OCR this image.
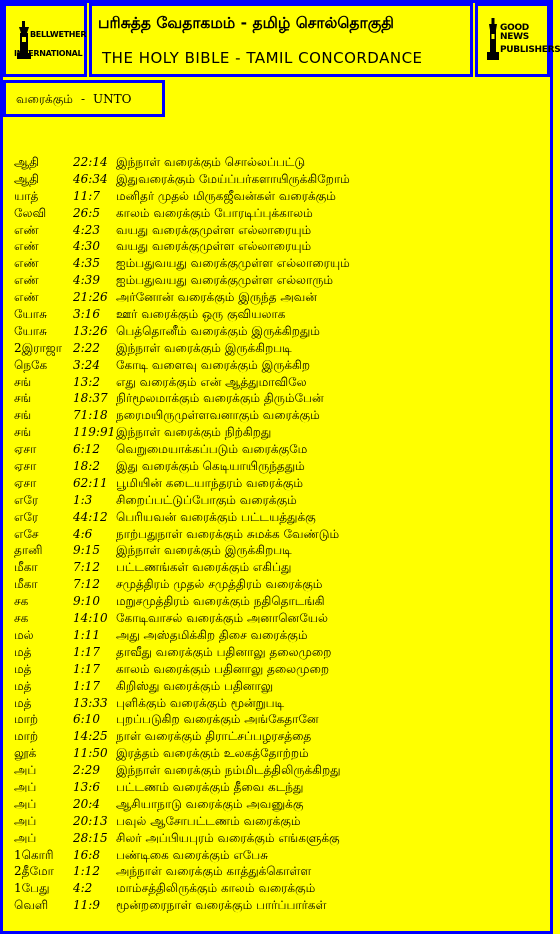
BELLWETHER
INTERNATIONAL
பரிசுத்த வேதாகமம் - தமிழ் சொல்தொகுதி
THE HOLY BIBLE - TAMIL CONCORDANCE
GOOD NEWS
PUBLISHERS
வரைக்கும் - UNTO
ஆதி	22:14 இந்நாள் வரைக்கும் சொல்லப்பட்டு
ஆதி	46:34 இதுவரைக்கும் மேய்ப்பர்களாயிருக்கிறோம்
யாத்	11:7 மனிதர் முதல் மிருகஜீவன்கள் வரைக்கும்
லேவி 26:5 காலம் வரைக்கும் போரடிப்புக்காலம்
எண்	4:23 வயது வரைக்குமுள்ள எல்லாரையும்
எண்	4:30 வயது வரைக்குமுள்ள எல்லாரையும்
எண்	4:35 ஐம்பதுவயது வரைக்குமுள்ள எல்லாரையும்
எண்	4:39 ஐம்பதுவயது வரைக்குமுள்ள எல்லாரும்
எண்	21:26 அர்னோன் வரைக்கும் இருந்த அவன்
யோசு 3:16 ஊர் வரைக்கும் ஒரு குவியலாக
யோசு 13:26 பெத்தொனீம் வரைக்கும் இருக்கிறதும்
2இராஜா 2:22 இந்நாள் வரைக்கும் இருக்கிறபடி
நெகே 3:24 கோடி வளைவு வரைக்கும் இருக்கிற
சங்	13:2 எது வரைக்கும் என் ஆத்துமாவிலே
சங்	18:37 நிர்மூலமாக்கும் வரைக்கும் திரும்பேன்
சங்	71:18 நரைமயிருமுள்ளவனாகும் வரைக்கும்
சங்	119:91 இந்நாள் வரைக்கும் நிற்கிறது
ஏசா	6:12 வெறுமையாக்கப்படும் வரைக்குமே
ஏசா	18:2 இது வரைக்கும் கெடியாயிருந்ததும்
ஏசா	62:11 பூமியின் கடையாந்தரம் வரைக்கும்
எரே	1:3 சிறைப்பட்டுப்போகும் வரைக்கும்
எரே	44:12 பெரியவன் வரைக்கும் பட்டயத்துக்கு
எசே	4:6 நாற்பதுநாள் வரைக்கும் சுமக்க வேண்டும்
தானி	9:15 இந்நாள் வரைக்கும் இருக்கிறபடி
மீகா	7:12 பட்டணங்கள் வரைக்கும் எகிப்து
மீகா	7:12 சமுத்திரம் முதல் சமுத்திரம் வரைக்கும்
சக	9:10 மறுசமுத்திரம் வரைக்கும் நதிதொடங்கி
சக	14:10 கோடிவாசல் வரைக்கும் அனானெயேல்
மல்	1:11 அது அஸ்தமிக்கிற திசை வரைக்கும்
மத்	1:17 தாவீது வரைக்கும் பதினாலு தலைமுறை
மத்	1:17 காலம் வரைக்கும் பதினாலு தலைமுறை
மத்	1:17 கிறிஸ்து வரைக்கும் பதினாலு
மத்	13:33 புளிக்கும் வரைக்கும் மூன்றுபடி
மாற்	6:10 புறப்படுகிற வரைக்கும் அங்கேதானே
மாற்	14:25 நாள் வரைக்கும் திராட்சப்பழரசத்தை
லூக்	11:50 இரத்தம் வரைக்கும் உலகத்தோற்றம்
அப்	2:29 இந்நாள் வரைக்கும் நம்மிடத்திலிருக்கிறது
அப்	13:6 பட்டணம் வரைக்கும் தீவை கடந்து
அப்	20:4 ஆசியாநாடு வரைக்கும் அவனுக்கு
அப்	20:13 பவுல் ஆசோபட்டணம் வரைக்கும்
அப்	28:15 சிலர் அப்பியபுரம் வரைக்கும் எங்களுக்கு
1கொரி 16:8 பண்டிகை வரைக்கும் எபேசு
2தீமோ 1:12 அந்நாள் வரைக்கும் காத்துக்கொள்ள
1பேது 4:2 மாம்சத்திலிருக்கும் காலம் வரைக்கும்
வெளி 11:9 மூன்றரைநாள் வரைக்கும் பார்ப்பார்கள்
